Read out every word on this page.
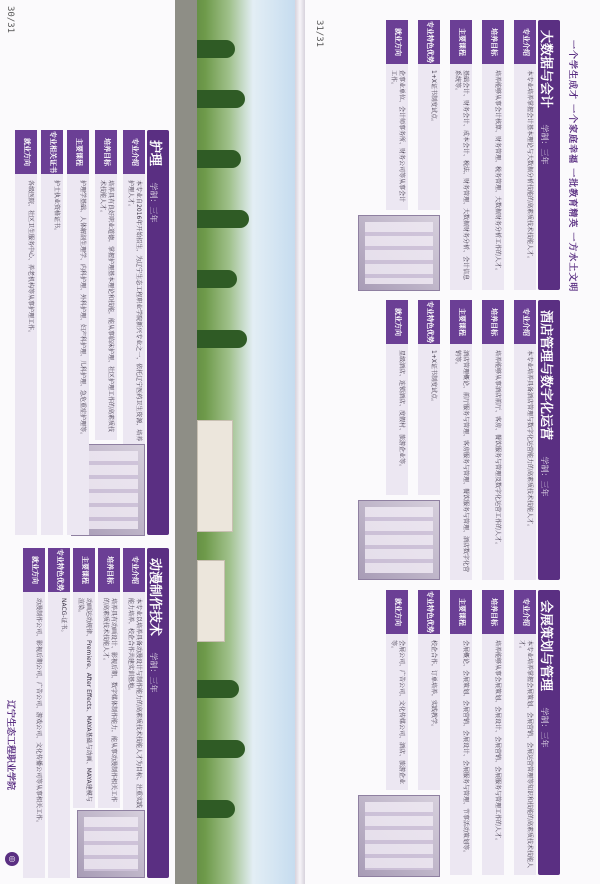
◎
辽宁生态工程职业学院
30/31
动漫制作技术 学制：三年
专业介绍
本专业以培养具备动漫设计与制作能力的高素质技术技能人才为目标，注重实践能力培养，校企合作共建实训基地。
培养目标
培养具有动画设计、影视后期、数字媒体制作能力，能从事动漫制作相关工作的高素质技术技能人才。
主要课程
动画运动规律、Premiere、After Effects、MAYA基础与动画、MAYA建模与渲染。
专业特色优势
NACG-证书。
就业方向
动漫制作公司、影视后期公司、广告公司、游戏公司、文化传播公司等从事相关工作。
护理 学制：三年
专业介绍
本专业自2016年开始招生，为辽宁生态工程职业学院新兴专业之一，依托辽宁医药卫生资源，培养护理人才。
培养目标
培养具有良好职业道德，掌握护理基本理论和技能，能从事临床护理、社区护理工作的高素质技术技能人才。
主要课程
护理学基础、人体解剖生理学、内科护理、外科护理、妇产科护理、儿科护理、急危重症护理等。
专业相关证书
护士执业资格证书。
就业方向
各级医院、社区卫生服务中心、养老机构等从事护理工作。	一个学生成才 一个家庭幸福 一批教育精英 一方水土文明
31/31
会展策划与管理 学制：三年
专业介绍
本专业培养掌握会展策划、会展营销、会展运营管理等知识和技能的高素质技术技能人才。
培养目标
培养能够从事会展策划、会展设计、会展营销、会展服务与管理工作的人才。
主要课程
会展概论、会展策划、会展营销、会展设计、会展服务与管理、节事活动策划等。
专业特色优势
校企合作，订单培养，实践教学。
就业方向
会展公司、广告公司、文化传媒公司、酒店、旅游企业等。
酒店管理与数字化运营 学制：三年
专业介绍
本专业培养具备酒店管理与数字化运营能力的高素质技术技能人才。
培养目标
培养能够从事酒店前厅、客房、餐饮服务与管理及数字化运营工作的人才。
主要课程
酒店管理概论、前厅服务与管理、客房服务与管理、餐饮服务与管理、酒店数字化营销等。
专业特色优势
1+X证书制度试点。
就业方向
星级酒店、连锁酒店、度假村、旅游企业等。
大数据与会计 学制：三年
专业介绍
本专业培养掌握会计基本理论与大数据分析技能的高素质技术技能人才。
培养目标
培养能够从事会计核算、财务管理、税务管理、大数据财务分析工作的人才。
主要课程
基础会计、财务会计、成本会计、税法、财务管理、大数据财务分析、会计信息系统等。
专业特色优势
1+X证书制度试点。
就业方向
企事业单位、会计师事务所、财务公司等从事会计工作。
